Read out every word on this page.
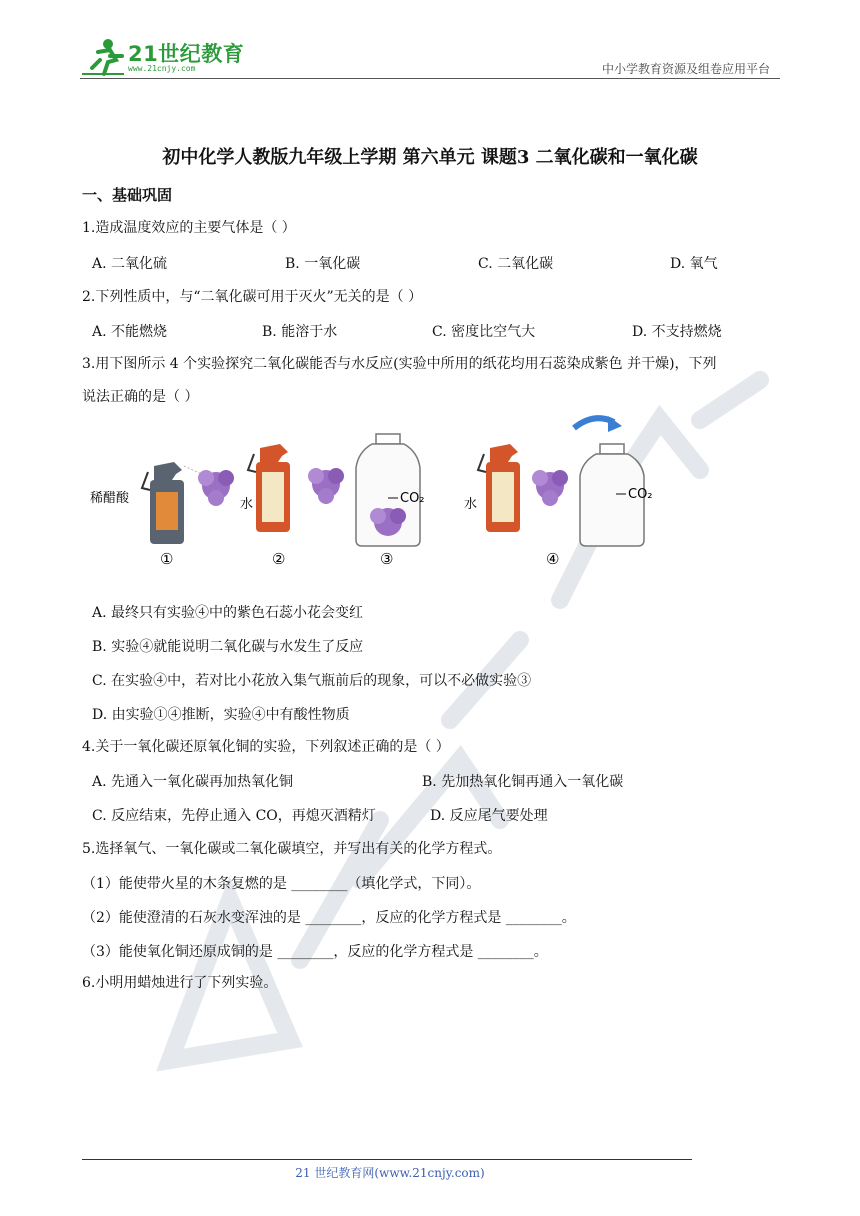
21世纪教育
www.21cnjy.com	中小学教育资源及组卷应用平台
初中化学人教版九年级上学期 第六单元 课题3 二氧化碳和一氧化碳
一、基础巩固
1.造成温度效应的主要气体是（ ）
A. 二氧化硫	B. 一氧化碳	C. 二氧化碳	D. 氧气
2.下列性质中，与“二氧化碳可用于灭火”无关的是（ ）
A. 不能燃烧	B. 能溶于水	C. 密度比空气大	D. 不支持燃烧
3.用下图所示 4 个实验探究二氧化碳能否与水反应(实验中所用的纸花均用石蕊染成紫色 并干燥)，下列
说法正确的是（ ）
稀醋酸	水	CO₂	水
CO₂
①	②	③	④
A. 最终只有实验④中的紫色石蕊小花会变红
B. 实验④就能说明二氧化碳与水发生了反应
C. 在实验④中，若对比小花放入集气瓶前后的现象，可以不必做实验③
D. 由实验①④推断，实验④中有酸性物质
4.关于一氧化碳还原氧化铜的实验，下列叙述正确的是（ ）
A. 先通入一氧化碳再加热氧化铜	B. 先加热氧化铜再通入一氧化碳
C. 反应结束，先停止通入 CO，再熄灭酒精灯	D. 反应尾气要处理
5.选择氧气、一氧化碳或二氧化碳填空，并写出有关的化学方程式。
（1）能使带火星的木条复燃的是 ________（填化学式，下同）。
（2）能使澄清的石灰水变浑浊的是 ________，反应的化学方程式是 ________。
（3）能使氧化铜还原成铜的是 ________，反应的化学方程式是 ________。
6.小明用蜡烛进行了下列实验。
21 世纪教育网(www.21cnjy.com)
